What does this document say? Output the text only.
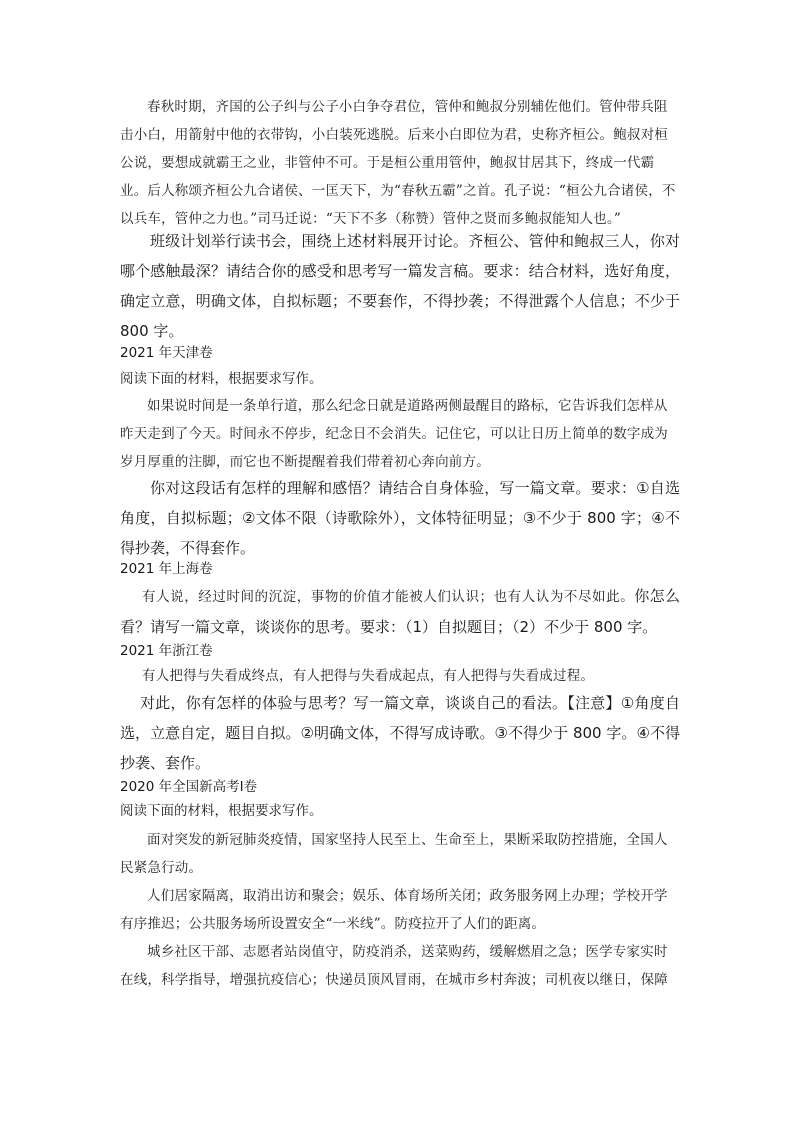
春秋时期，齐国的公子纠与公子小白争夺君位，管仲和鲍叔分别辅佐他们。管仲带兵阻击小白，用箭射中他的衣带钩，小白装死逃脱。后来小白即位为君，史称齐桓公。鲍叔对桓公说，要想成就霸王之业，非管仲不可。于是桓公重用管仲，鲍叔甘居其下，终成一代霸业。后人称颂齐桓公九合诸侯、一匡天下，为“春秋五霸”之首。孔子说：“桓公九合诸侯，不以兵车，管仲之力也。”司马迁说：“天下不多（称赞）管仲之贤而多鲍叔能知人也。”

班级计划举行读书会，围绕上述材料展开讨论。齐桓公、管仲和鲍叔三人，你对哪个感触最深？请结合你的感受和思考写一篇发言稿。要求：结合材料，选好角度，确定立意，明确文体，自拟标题；不要套作，不得抄袭；不得泄露个人信息；不少于 800 字。

2021 年天津卷
阅读下面的材料，根据要求写作。

如果说时间是一条单行道，那么纪念日就是道路两侧最醒目的路标，它告诉我们怎样从昨天走到了今天。时间永不停步，纪念日不会消失。记住它，可以让日历上简单的数字成为岁月厚重的注脚，而它也不断提醒着我们带着初心奔向前方。

你对这段话有怎样的理解和感悟？请结合自身体验，写一篇文章。要求：①自选角度，自拟标题；②文体不限（诗歌除外），文体特征明显；③不少于 800 字；④不得抄袭，不得套作。

2021 年上海卷

有人说，经过时间的沉淀，事物的价值才能被人们认识；也有人认为不尽如此。你怎么看？请写一篇文章，谈谈你的思考。要求：（1）自拟题目；（2）不少于 800 字。

2021 年浙江卷

有人把得与失看成终点，有人把得与失看成起点，有人把得与失看成过程。

对此，你有怎样的体验与思考？写一篇文章，谈谈自己的看法。【注意】①角度自选，立意自定，题目自拟。②明确文体，不得写成诗歌。③不得少于 800 字。④不得抄袭、套作。

2020 年全国新高考Ⅰ卷
阅读下面的材料，根据要求写作。

面对突发的新冠肺炎疫情，国家坚持人民至上、生命至上，果断采取防控措施，全国人民紧急行动。

人们居家隔离，取消出访和聚会；娱乐、体育场所关闭；政务服务网上办理；学校开学有序推迟；公共服务场所设置安全“一米线”。防疫拉开了人们的距离。

城乡社区干部、志愿者站岗值守，防疫消杀，送菜购药，缓解燃眉之急；医学专家实时在线，科学指导，增强抗疫信心；快递员顶风冒雨，在城市乡村奔波；司机夜以继日，保障
